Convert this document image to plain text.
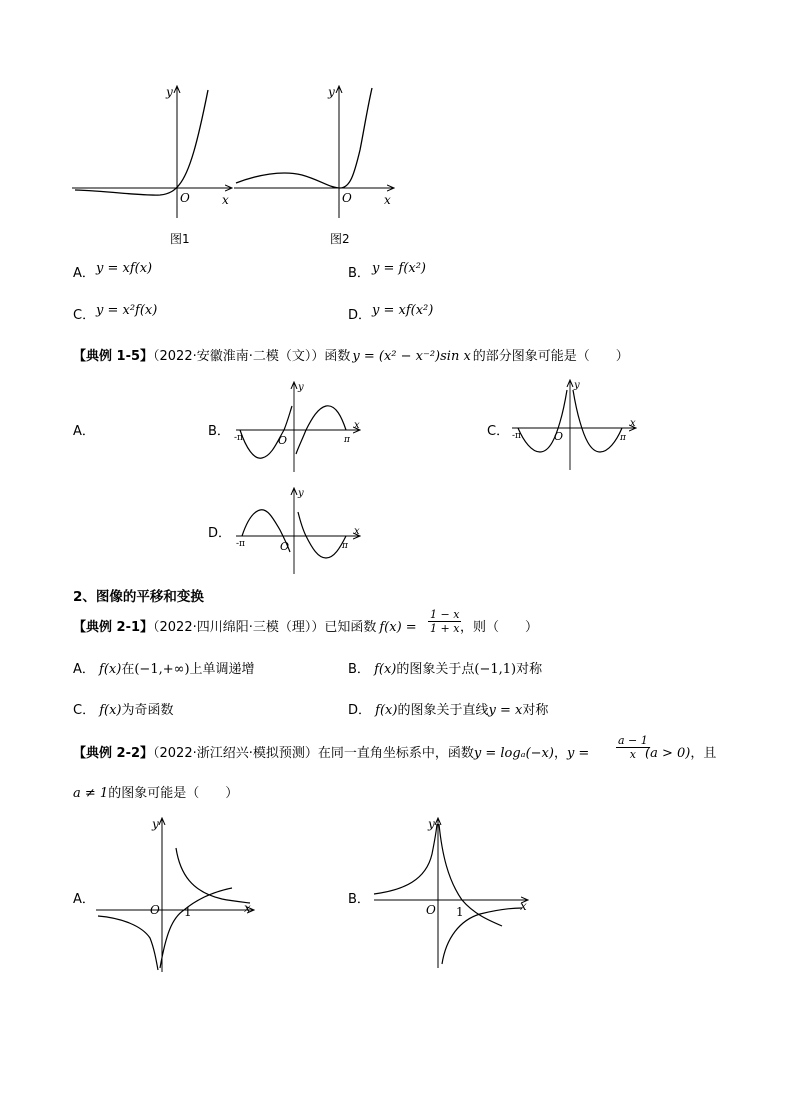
y
O	x
图1
y
O	x
图2
A． y = xf(x)	B． y = f(x²)
C． y = x²f(x)	D． y = xf(x²)
【典例 1-5】（2022·安徽淮南·二模（文））函数 y = (x² − x⁻²)sin x 的部分图象可能是（　　）
A．	B．
y
x
O
-π	π
C．
y
x
O
-π	π
D．
y
x
O
-π	π
2、图像的平移和变换
【典例 2-1】（2022·四川绵阳·三模（理））已知函数 $f(x) = \frac{1 - x}{1 + x}$
，则（　　）
A． f(x)在(−1,+∞)上单调递增	B． f(x)的图象关于点(−1,1)对称
C． f(x)为奇函数	D． f(x)的图象关于直线y = x对称
【典例 2-2】（2022·浙江绍兴·模拟预测）在同一直角坐标系中，函数y = logₐ(−x)，$y = \frac{a - 1}{x}$
(a > 0)，且
a ≠ 1的图象可能是（　　）
A．
y
x
O 1
B．
y
x
O 1
